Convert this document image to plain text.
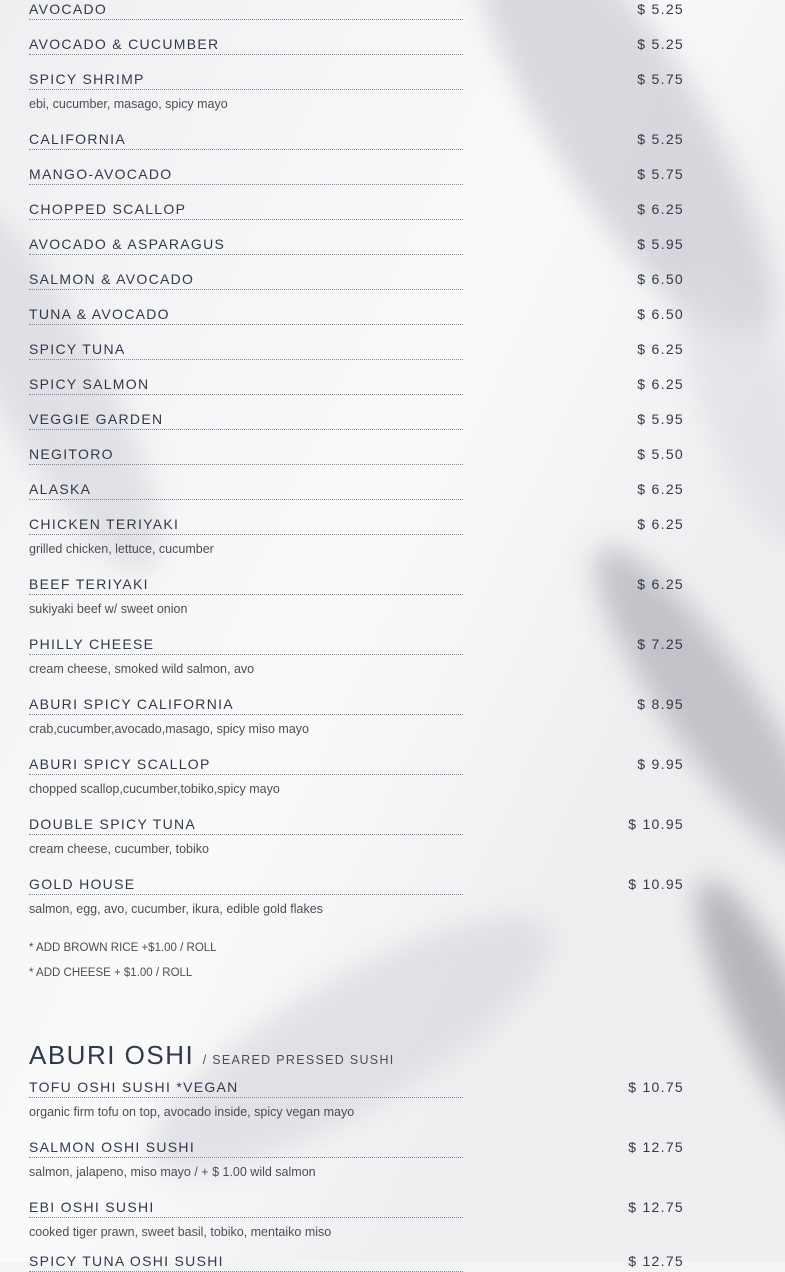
AVOCADO	$ 5.25
AVOCADO & CUCUMBER	$ 5.25
SPICY SHRIMP	$ 5.75
ebi, cucumber, masago, spicy mayo
CALIFORNIA	$ 5.25
MANGO-AVOCADO	$ 5.75
CHOPPED SCALLOP	$ 6.25
AVOCADO & ASPARAGUS	$ 5.95
SALMON & AVOCADO	$ 6.50
TUNA & AVOCADO	$ 6.50
SPICY TUNA	$ 6.25
SPICY SALMON	$ 6.25
VEGGIE GARDEN	$ 5.95
NEGITORO	$ 5.50
ALASKA	$ 6.25
CHICKEN TERIYAKI	$ 6.25
grilled chicken, lettuce, cucumber
BEEF TERIYAKI	$ 6.25
sukiyaki beef w/ sweet onion
PHILLY CHEESE	$ 7.25
cream cheese, smoked wild salmon, avo
ABURI SPICY CALIFORNIA	$ 8.95
crab,cucumber,avocado,masago, spicy miso mayo
ABURI SPICY SCALLOP	$ 9.95
chopped scallop,cucumber,tobiko,spicy mayo
DOUBLE SPICY TUNA	$ 10.95
cream cheese, cucumber, tobiko
GOLD HOUSE	$ 10.95
salmon, egg, avo, cucumber, ikura, edible gold flakes
* ADD BROWN RICE +$1.00 / ROLL
* ADD CHEESE + $1.00 / ROLL
ABURI OSHI / SEARED PRESSED SUSHI
TOFU OSHI SUSHI *VEGAN	$ 10.75
organic firm tofu on top, avocado inside, spicy vegan mayo
SALMON OSHI SUSHI	$ 12.75
salmon, jalapeno, miso mayo / + $ 1.00 wild salmon
EBI OSHI SUSHI	$ 12.75
cooked tiger prawn, sweet basil, tobiko, mentaiko miso
SPICY TUNA OSHI SUSHI	$ 12.75
